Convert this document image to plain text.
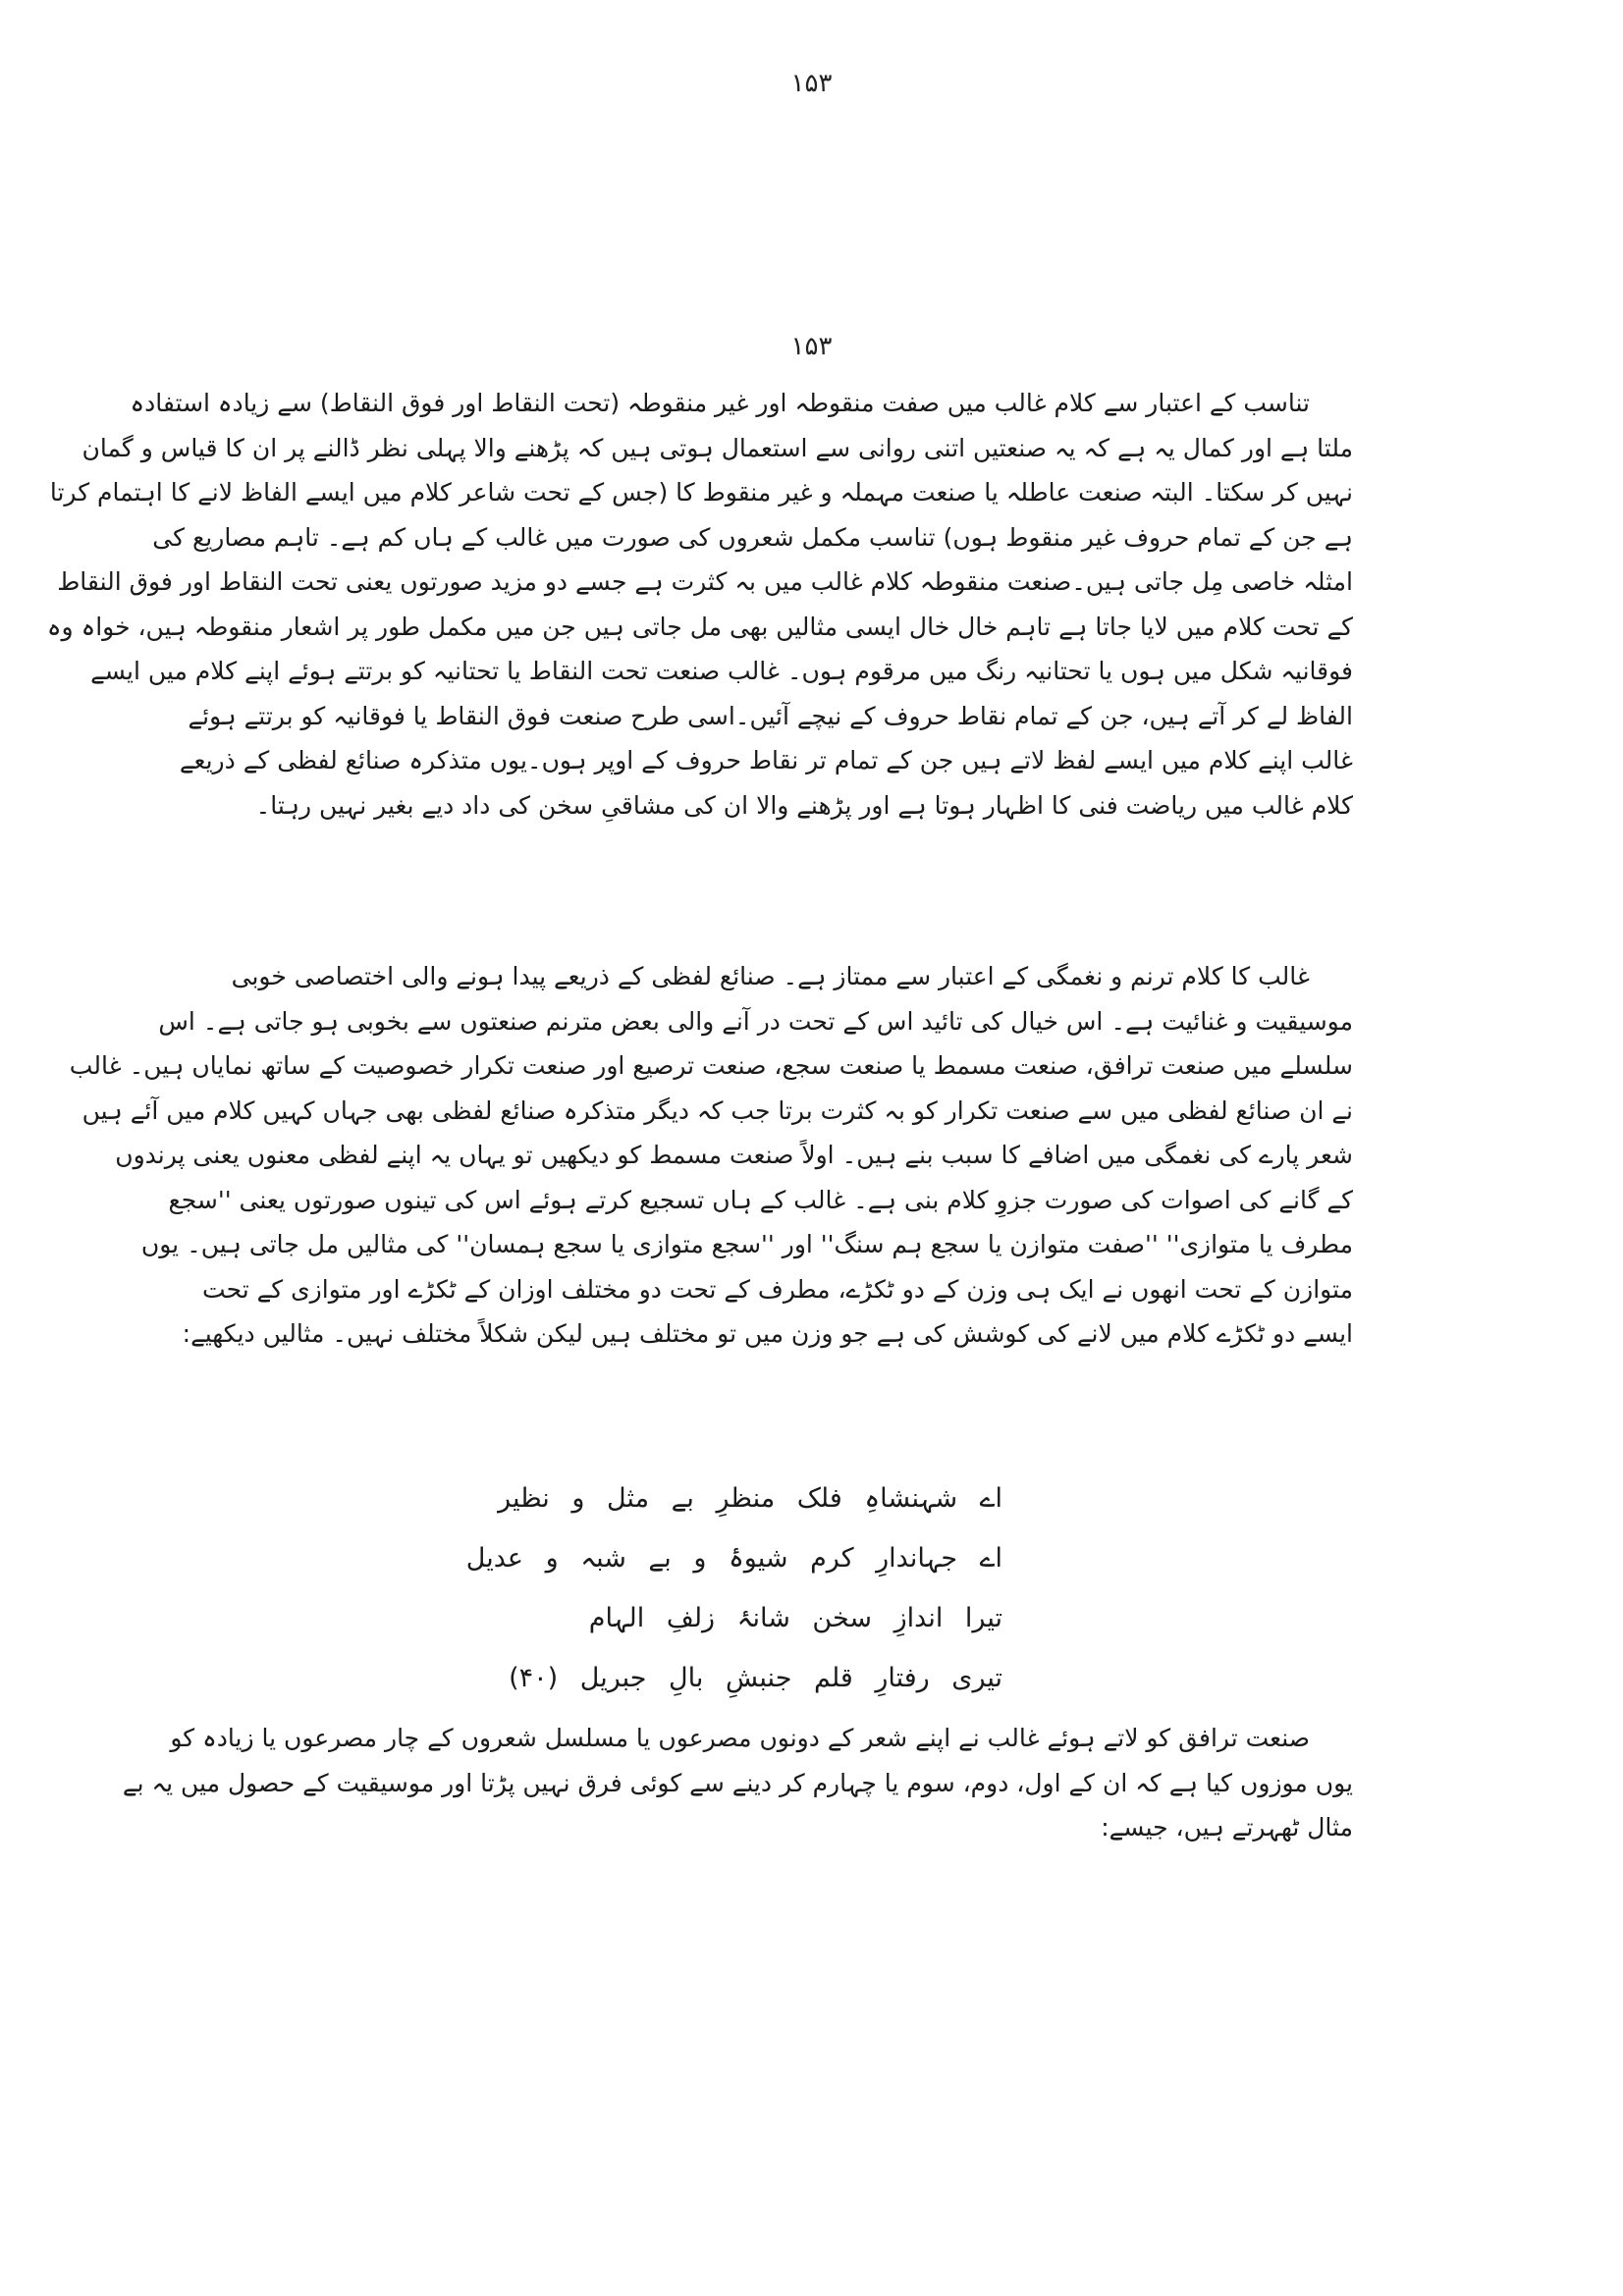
۱۵۳
۱۵۳
تناسب کے اعتبار سے کلام غالب میں صفت منقوطہ اور غیر منقوطہ (تحت النقاط اور فوق النقاط) سے زیادہ استفادہ
ملتا ہے اور کمال یہ ہے کہ یہ صنعتیں اتنی روانی سے استعمال ہوتی ہیں کہ پڑھنے والا پہلی نظر ڈالنے پر ان کا قیاس و گمان
نہیں کر سکتا۔ البتہ صنعت عاطلہ یا صنعت مہملہ و غیر منقوط کا (جس کے تحت شاعر کلام میں ایسے الفاظ لانے کا اہتمام کرتا
ہے جن کے تمام حروف غیر منقوط ہوں) تناسب مکمل شعروں کی صورت میں غالب کے ہاں کم ہے۔ تاہم مصاریع کی
امثلہ خاصی مِل جاتی ہیں۔صنعت منقوطہ کلام غالب میں بہ کثرت ہے جسے دو مزید صورتوں یعنی تحت النقاط اور فوق النقاط
کے تحت کلام میں لایا جاتا ہے تاہم خال خال ایسی مثالیں بھی مل جاتی ہیں جن میں مکمل طور پر اشعار منقوطہ ہیں، خواہ وہ
فوقانیہ شکل میں ہوں یا تحتانیہ رنگ میں مرقوم ہوں۔ غالب صنعت تحت النقاط یا تحتانیہ کو برتتے ہوئے اپنے کلام میں ایسے
الفاظ لے کر آتے ہیں، جن کے تمام نقاط حروف کے نیچے آئیں۔اسی طرح صنعت فوق النقاط یا فوقانیہ کو برتتے ہوئے
غالب اپنے کلام میں ایسے لفظ لاتے ہیں جن کے تمام تر نقاط حروف کے اوپر ہوں۔یوں متذکرہ صنائع لفظی کے ذریعے
کلام غالب میں ریاضت فنی کا اظہار ہوتا ہے اور پڑھنے والا ان کی مشاقیِ سخن کی داد دیے بغیر نہیں رہتا۔
غالب کا کلام ترنم و نغمگی کے اعتبار سے ممتاز ہے۔ صنائع لفظی کے ذریعے پیدا ہونے والی اختصاصی خوبی
موسیقیت و غنائیت ہے۔ اس خیال کی تائید اس کے تحت در آنے والی بعض مترنم صنعتوں سے بخوبی ہو جاتی ہے۔ اس
سلسلے میں صنعت ترافق، صنعت مسمط یا صنعت سجع، صنعت ترصیع اور صنعت تکرار خصوصیت کے ساتھ نمایاں ہیں۔ غالب
نے ان صنائع لفظی میں سے صنعت تکرار کو بہ کثرت برتا جب کہ دیگر متذکرہ صنائع لفظی بھی جہاں کہیں کلام میں آئے ہیں
شعر پارے کی نغمگی میں اضافے کا سبب بنے ہیں۔ اولاً صنعت مسمط کو دیکھیں تو یہاں یہ اپنے لفظی معنوں یعنی پرندوں
کے گانے کی اصوات کی صورت جزوِ کلام بنی ہے۔ غالب کے ہاں تسجیع کرتے ہوئے اس کی تینوں صورتوں یعنی ''سجع
مطرف یا متوازی'' ''صفت متوازن یا سجع ہم سنگ'' اور ''سجع متوازی یا سجع ہمسان'' کی مثالیں مل جاتی ہیں۔ یوں
متوازن کے تحت انھوں نے ایک ہی وزن کے دو ٹکڑے، مطرف کے تحت دو مختلف اوزان کے ٹکڑے اور متوازی کے تحت
ایسے دو ٹکڑے کلام میں لانے کی کوشش کی ہے جو وزن میں تو مختلف ہیں لیکن شکلاً مختلف نہیں۔ مثالیں دیکھیے:
اے شہنشاہِ فلک منظرِ بے مثل و نظیر
اے جہاندارِ کرم شیوۂ و بے شبہ و عدیل
تیرا اندازِ سخن شانۂ زلفِ الہام
تیری رفتارِ قلم جنبشِ بالِ جبریل (۴۰)
صنعت ترافق کو لاتے ہوئے غالب نے اپنے شعر کے دونوں مصرعوں یا مسلسل شعروں کے چار مصرعوں یا زیادہ کو
یوں موزوں کیا ہے کہ ان کے اول، دوم، سوم یا چہارم کر دینے سے کوئی فرق نہیں پڑتا اور موسیقیت کے حصول میں یہ بے
مثال ٹھہرتے ہیں، جیسے:
